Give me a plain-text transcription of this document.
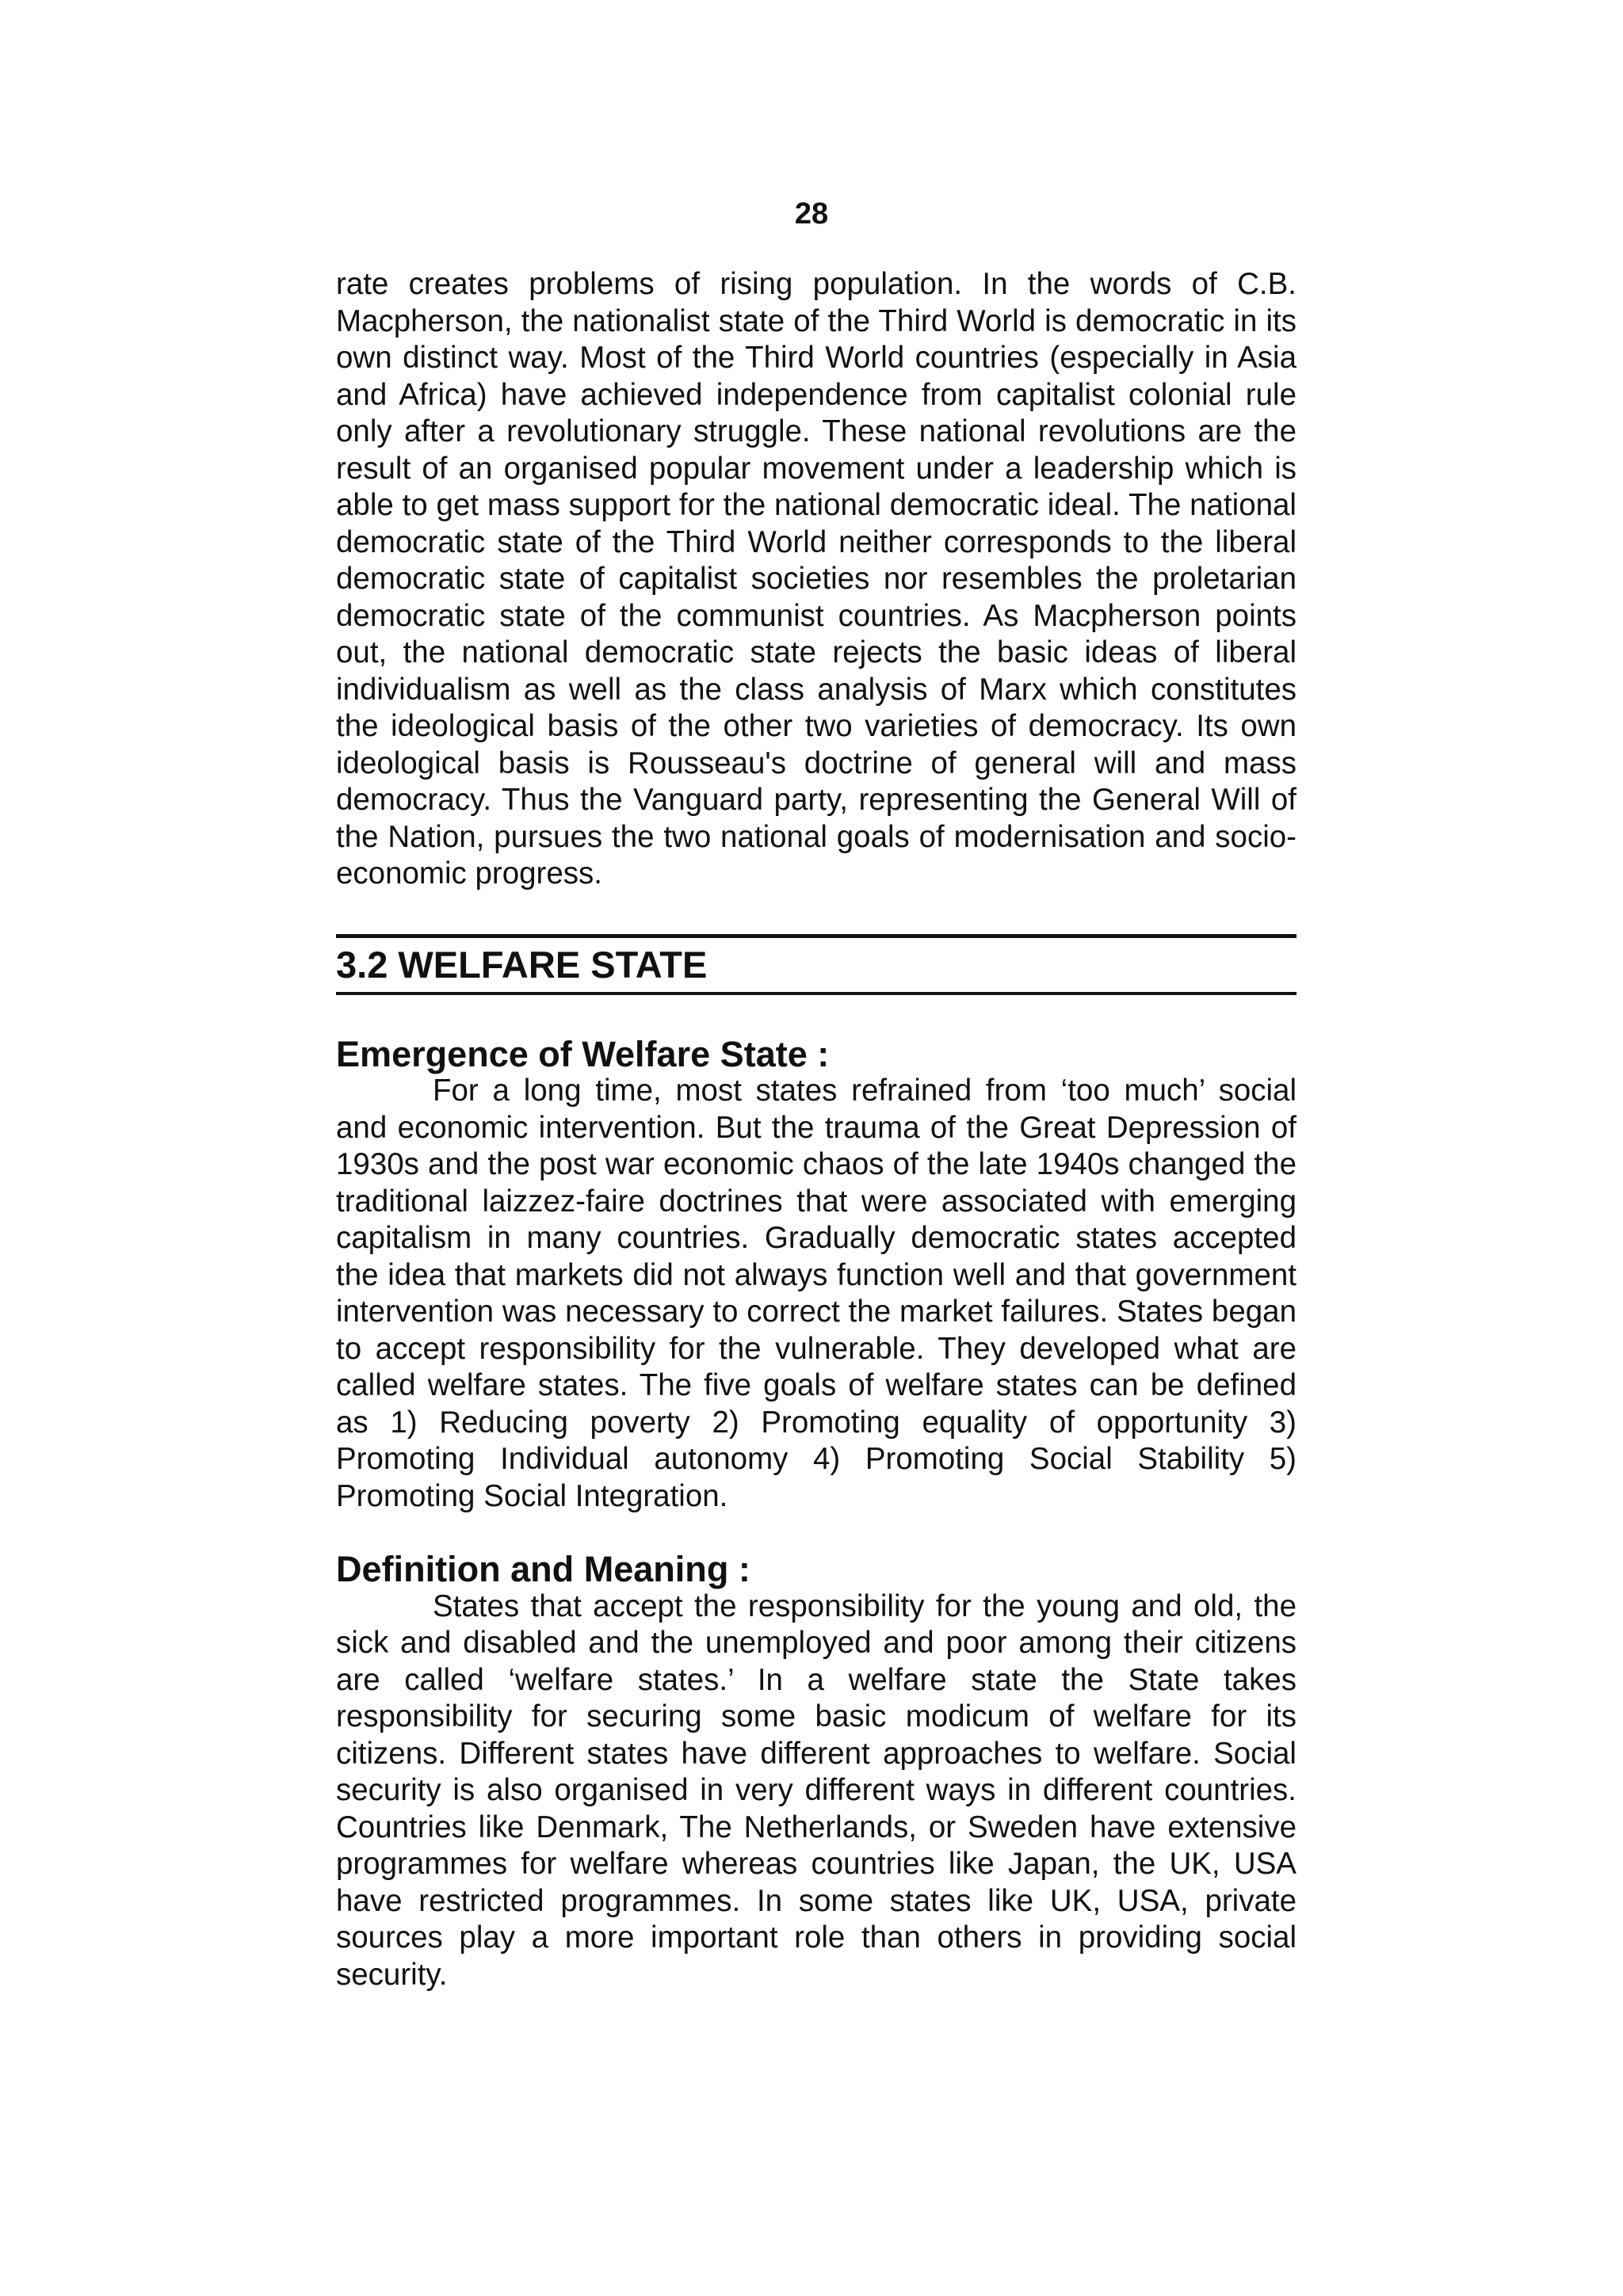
28

rate creates problems of rising population. In the words of C.B. Macpherson, the nationalist state of the Third World is democratic in its own distinct way. Most of the Third World countries (especially in Asia and Africa) have achieved independence from capitalist colonial rule only after a revolutionary struggle. These national revolutions are the result of an organised popular movement under a leadership which is able to get mass support for the national democratic ideal. The national democratic state of the Third World neither corresponds to the liberal democratic state of capitalist societies nor resembles the proletarian democratic state of the communist countries. As Macpherson points out, the national democratic state rejects the basic ideas of liberal individualism as well as the class analysis of Marx which constitutes the ideological basis of the other two varieties of democracy. Its own ideological basis is Rousseau's doctrine of general will and mass democracy. Thus the Vanguard party, representing the General Will of the Nation, pursues the two national goals of modernisation and socio-economic progress.

3.2 WELFARE STATE
Emergence of Welfare State :

For a long time, most states refrained from ‘too much’ social and economic intervention. But the trauma of the Great Depression of 1930s and the post war economic chaos of the late 1940s changed the traditional laizzez-faire doctrines that were associated with emerging capitalism in many countries. Gradually democratic states accepted the idea that markets did not always function well and that government intervention was necessary to correct the market failures. States began to accept responsibility for the vulnerable. They developed what are called welfare states. The five goals of welfare states can be defined as 1) Reducing poverty 2) Promoting equality of opportunity 3) Promoting Individual autonomy 4) Promoting Social Stability 5) Promoting Social Integration.

Definition and Meaning :

States that accept the responsibility for the young and old, the sick and disabled and the unemployed and poor among their citizens are called ‘welfare states.’ In a welfare state the State takes responsibility for securing some basic modicum of welfare for its citizens. Different states have different approaches to welfare. Social security is also organised in very different ways in different countries. Countries like Denmark, The Netherlands, or Sweden have extensive programmes for welfare whereas countries like Japan, the UK, USA have restricted programmes. In some states like UK, USA, private sources play a more important role than others in providing social security.
